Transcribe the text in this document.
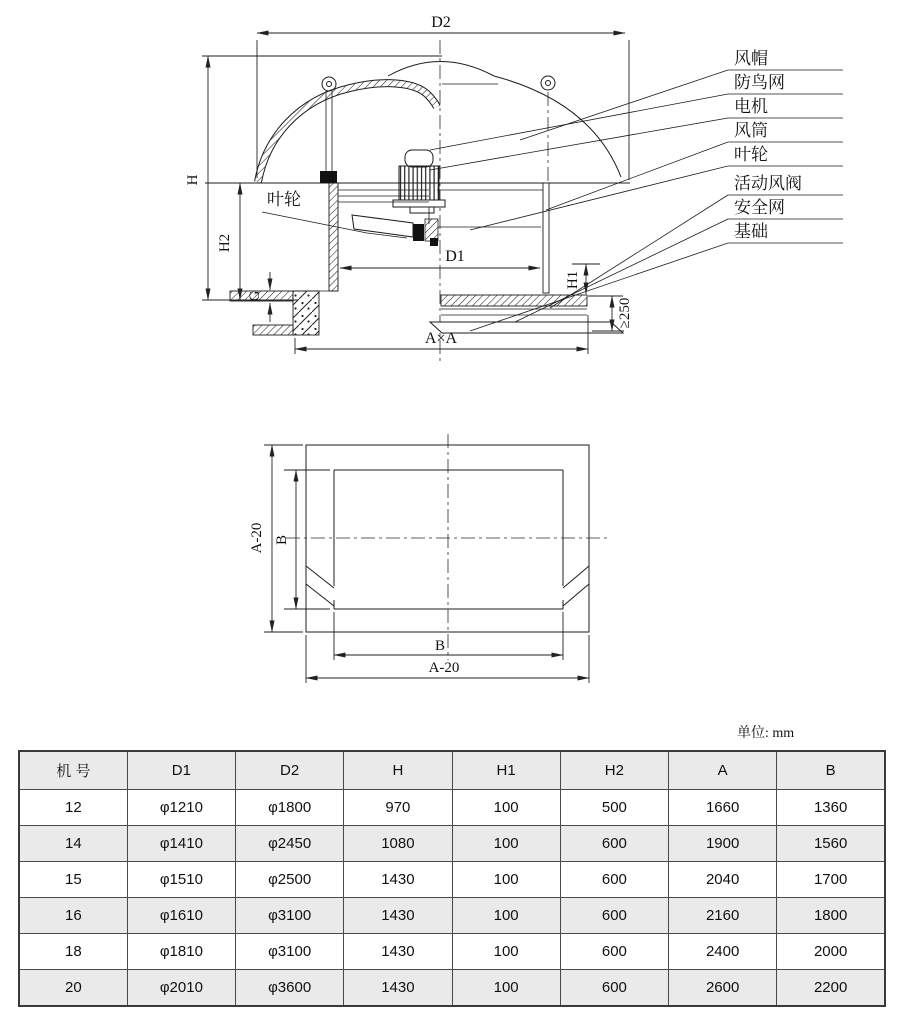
D2
H
H2
G
D1
H1
≥250
A×A
叶轮
风帽
防鸟网
电机
风筒
叶轮
活动风阀
安全网
基础
A-20 B
B
A-20
单位: mm
机 号	D1	D2	H	H1	H2	A	B
12	φ1210	φ1800	970	100	500	1660	1360
14	φ1410	φ2450	1080	100	600	1900	1560
15	φ1510	φ2500	1430	100	600	2040	1700
16	φ1610	φ3100	1430	100	600	2160	1800
18	φ1810	φ3100	1430	100	600	2400	2000
20	φ2010	φ3600	1430	100	600	2600	2200
